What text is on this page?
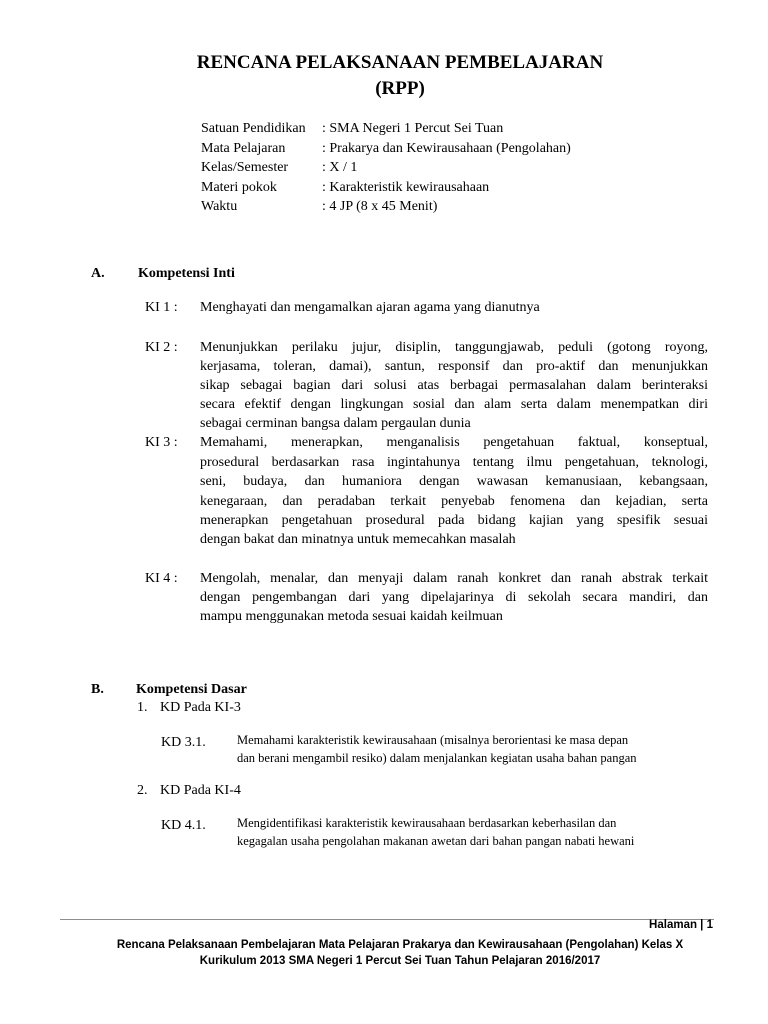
RENCANA PELAKSANAAN PEMBELAJARAN
(RPP)
Satuan Pendidikan : SMA Negeri 1 Percut Sei Tuan
Mata Pelajaran	: Prakarya dan Kewirausahaan (Pengolahan)
Kelas/Semester : X / 1
Materi pokok	: Karakteristik kewirausahaan
Waktu	: 4 JP (8 x 45 Menit)
A. Kompetensi Inti
KI 1 : Menghayati dan mengamalkan ajaran agama yang dianutnya
KI 2 : Menunjukkan perilaku jujur, disiplin, tanggungjawab, peduli (gotong royong,
kerjasama, toleran, damai), santun, responsif dan pro-aktif dan menunjukkan
sikap sebagai bagian dari solusi atas berbagai permasalahan dalam berinteraksi
secara efektif dengan lingkungan sosial dan alam serta dalam menempatkan diri
sebagai cerminan bangsa dalam pergaulan dunia
KI 3 : Memahami, menerapkan, menganalisis pengetahuan faktual, konseptual,
prosedural berdasarkan rasa ingintahunya tentang ilmu pengetahuan, teknologi,
seni, budaya, dan humaniora dengan wawasan kemanusiaan, kebangsaan,
kenegaraan, dan peradaban terkait penyebab fenomena dan kejadian, serta
menerapkan pengetahuan prosedural pada bidang kajian yang spesifik sesuai
dengan bakat dan minatnya untuk memecahkan masalah
KI 4 : Mengolah, menalar, dan menyaji dalam ranah konkret dan ranah abstrak terkait
dengan pengembangan dari yang dipelajarinya di sekolah secara mandiri, dan
mampu menggunakan metoda sesuai kaidah keilmuan
B. Kompetensi Dasar
1. KD Pada KI-3
KD 3.1.	Memahami karakteristik kewirausahaan (misalnya berorientasi ke masa depan
dan berani mengambil resiko) dalam menjalankan kegiatan usaha bahan pangan
2. KD Pada KI-4
KD 4.1.	Mengidentifikasi karakteristik kewirausahaan berdasarkan keberhasilan dan
kegagalan usaha pengolahan makanan awetan dari bahan pangan nabati hewani
Halaman | 1
Rencana Pelaksanaan Pembelajaran Mata Pelajaran Prakarya dan Kewirausahaan (Pengolahan) Kelas X
Kurikulum 2013 SMA Negeri 1 Percut Sei Tuan Tahun Pelajaran 2016/2017
